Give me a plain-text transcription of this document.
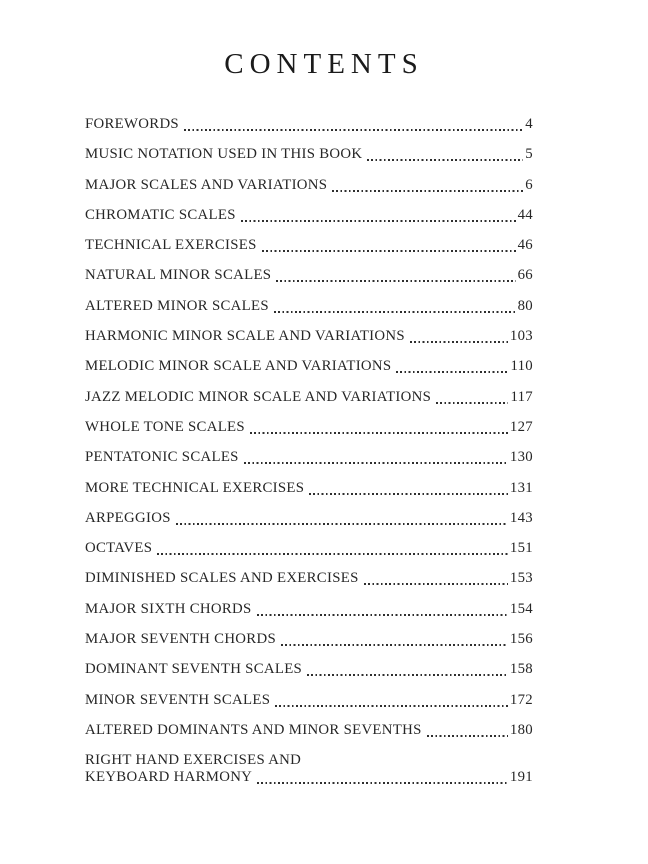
CONTENTS
FOREWORDS	4
MUSIC NOTATION USED IN THIS BOOK	5
MAJOR SCALES AND VARIATIONS	6
CHROMATIC SCALES	44
TECHNICAL EXERCISES	46
NATURAL MINOR SCALES	66
ALTERED MINOR SCALES	80
HARMONIC MINOR SCALE AND VARIATIONS	103
MELODIC MINOR SCALE AND VARIATIONS	110
JAZZ MELODIC MINOR SCALE AND VARIATIONS	117
WHOLE TONE SCALES	127
PENTATONIC SCALES	130
MORE TECHNICAL EXERCISES	131
ARPEGGIOS	143
OCTAVES	151
DIMINISHED SCALES AND EXERCISES	153
MAJOR SIXTH CHORDS	154
MAJOR SEVENTH CHORDS	156
DOMINANT SEVENTH SCALES	158
MINOR SEVENTH SCALES	172
ALTERED DOMINANTS AND MINOR SEVENTHS	180
RIGHT HAND EXERCISES AND
KEYBOARD HARMONY	191
